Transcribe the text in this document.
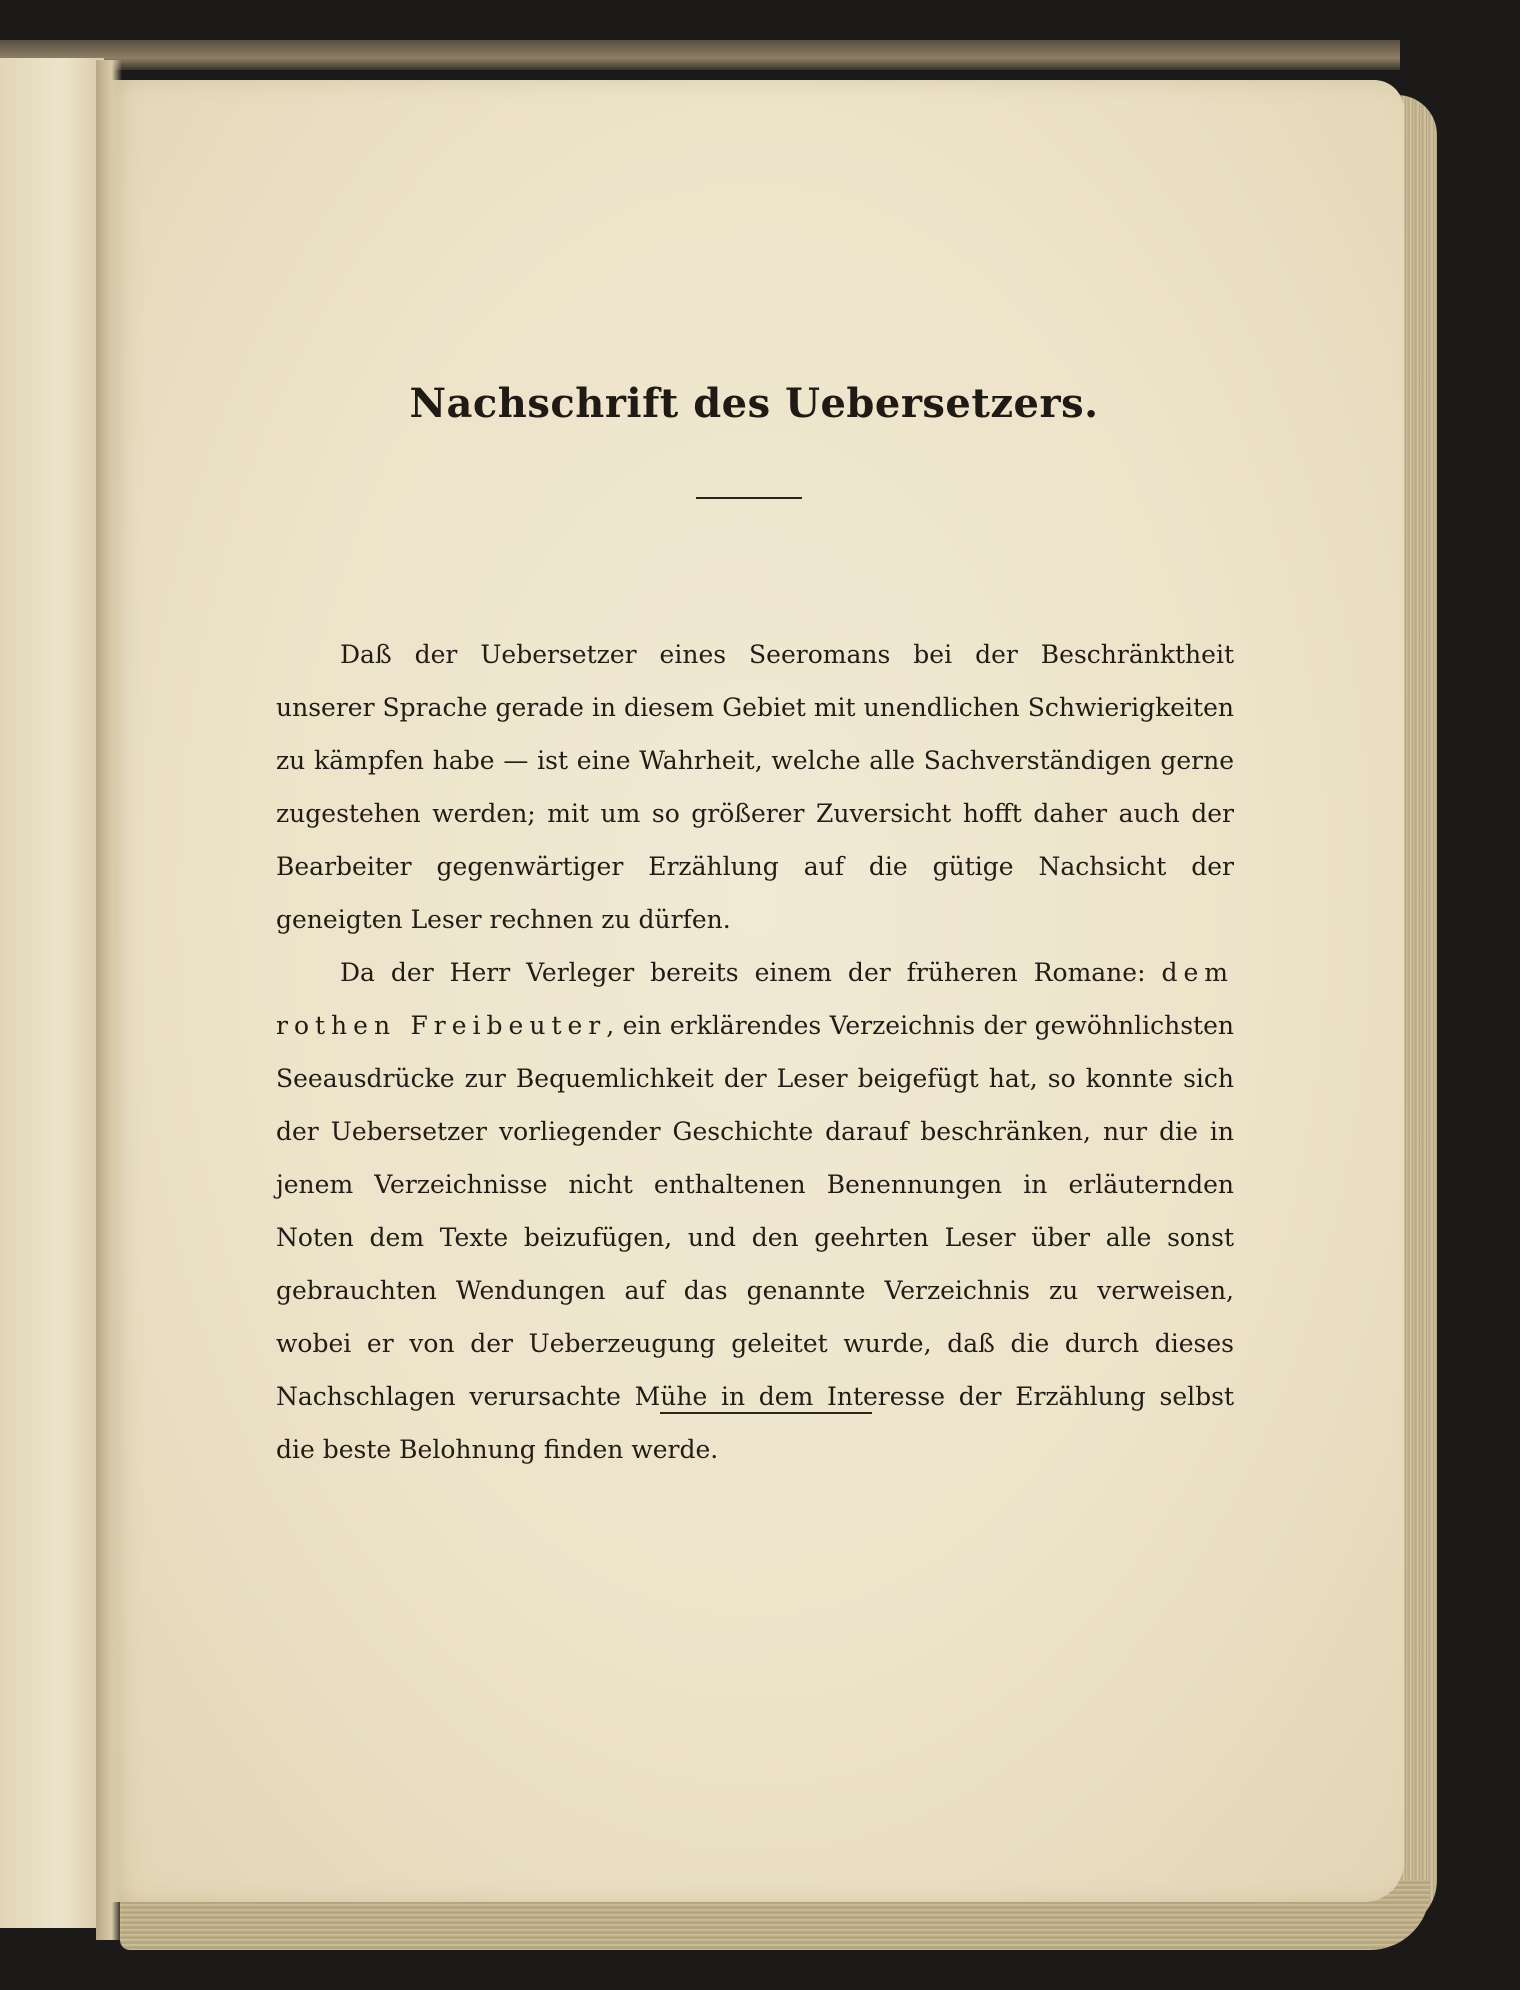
Nachschrift des Uebersetzers.

Daß der Uebersetzer eines Seeromans bei der Beschränktheit unserer Sprache gerade in diesem Gebiet mit unendlichen Schwierigkeiten zu kämpfen habe — ist eine Wahrheit, welche alle Sachverständigen gerne zugestehen werden; mit um so größerer Zuversicht hofft daher auch der Bearbeiter gegenwärtiger Erzählung auf die gütige Nachsicht der geneigten Leser rechnen zu dürfen.

Da der Herr Verleger bereits einem der früheren Romane: dem rothen Freibeuter, ein erklärendes Verzeichnis der gewöhnlichsten Seeausdrücke zur Bequemlichkeit der Leser beigefügt hat, so konnte sich der Uebersetzer vorliegender Geschichte darauf beschränken, nur die in jenem Verzeichnisse nicht enthaltenen Benennungen in erläuternden Noten dem Texte beizufügen, und den geehrten Leser über alle sonst gebrauchten Wendungen auf das genannte Verzeichnis zu verweisen, wobei er von der Ueberzeugung geleitet wurde, daß die durch dieses Nachschlagen verursachte Mühe in dem Interesse der Erzählung selbst die beste Belohnung finden werde.
